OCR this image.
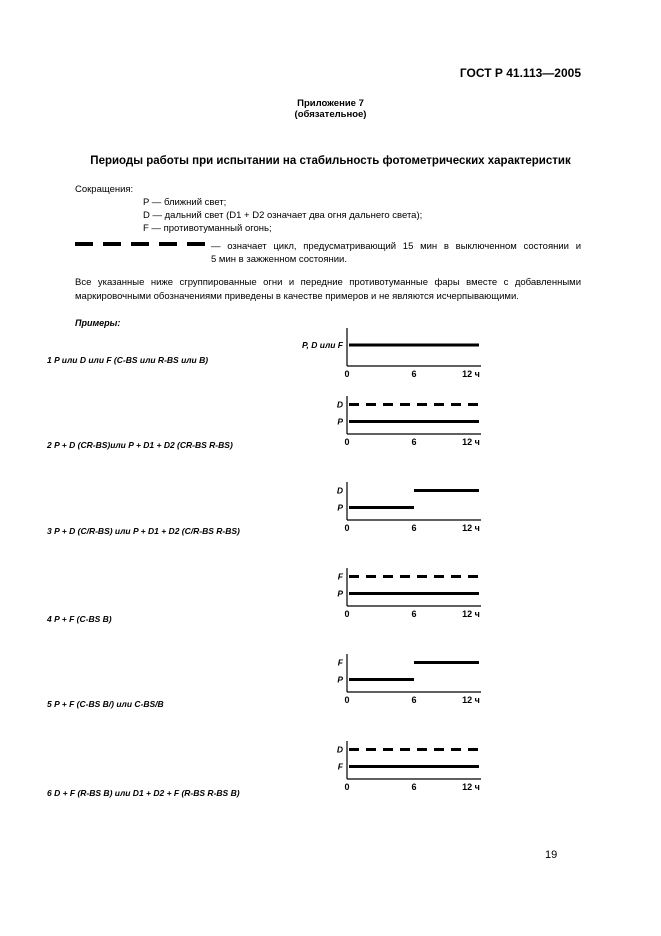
ГОСТ Р 41.113—2005
Приложение 7
(обязательное)
Периоды работы при испытании на стабильность фотометрических характеристик
Сокращения:
P — ближний свет;
D — дальний свет (D1 + D2 означает два огня дальнего света);
F — противотуманный огонь;
— означает цикл, предусматривающий 15 мин в выключенном состоянии и
5 мин в зажженном состоянии.
Все указанные ниже сгруппированные огни и передние противотуманные фары вместе с добавленными маркировочными обозначениями приведены в качестве примеров и не являются исчерпывающими.
Примеры:
1 P или D или F (C-BS или R-BS или B)
2 P + D (CR-BS)или P + D1 + D2 (CR-BS R-BS)
3 P + D (C/R-BS) или P + D1 + D2 (C/R-BS R-BS)
4 P + F (C-BS B)
5 P + F (C-BS B/) или C-BS/B
6 D + F (R-BS B) или D1 + D2 + F (R-BS R-BS B)
P, D или F
0	6	12 ч
D
P
0	6	12 ч
D
P
0	6	12 ч
F
P
0	6	12 ч
F
P
0	6	12 ч
D
F
0	6	12 ч
19
